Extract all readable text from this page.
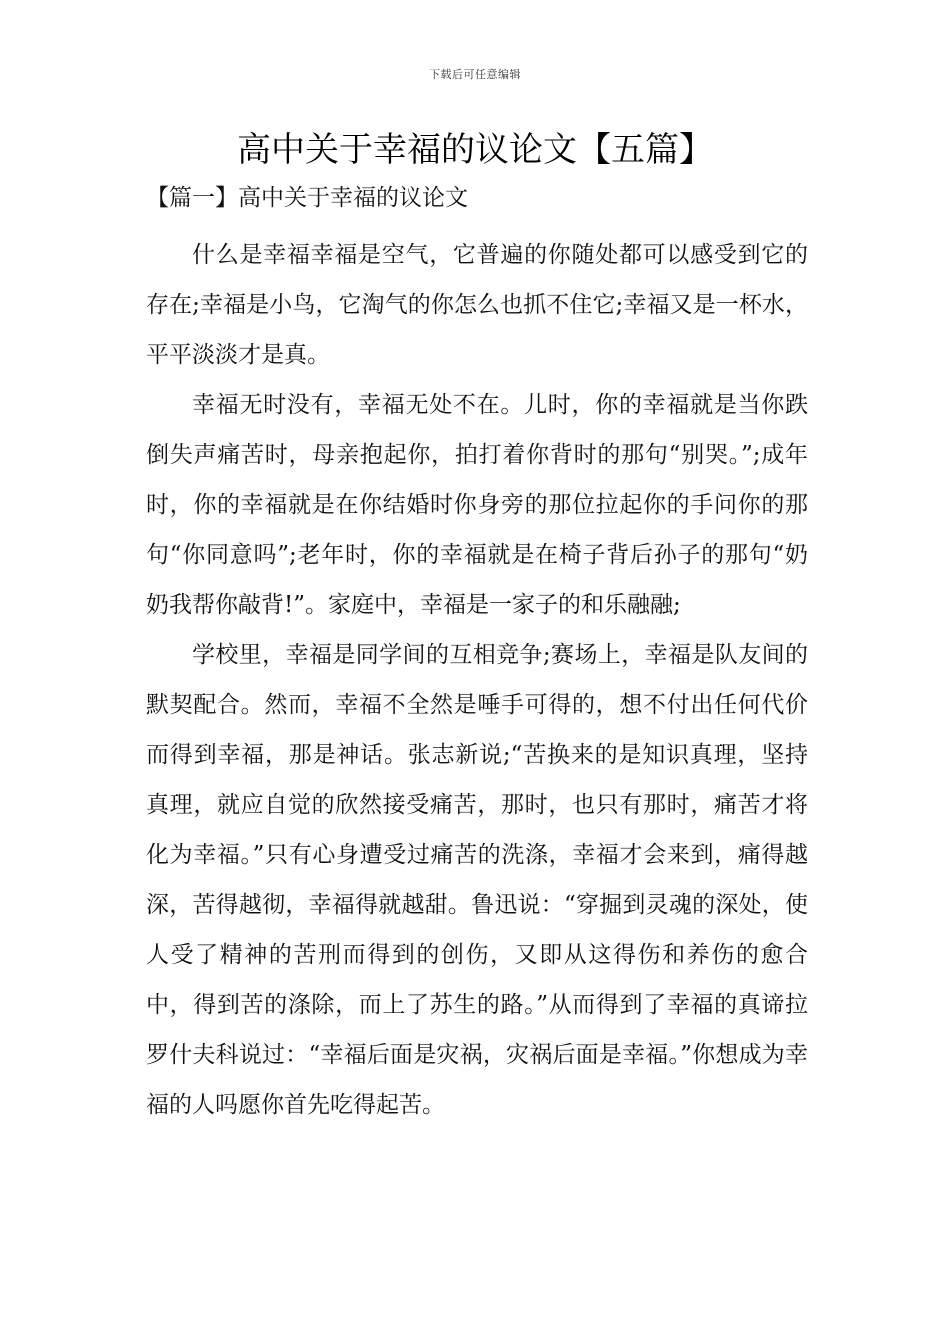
下载后可任意编辑
高中关于幸福的议论文【五篇】
【篇一】高中关于幸福的议论文

什么是幸福幸福是空气，它普遍的你随处都可以感受到它的存在;幸福是小鸟，它淘气的你怎么也抓不住它;幸福又是一杯水，平平淡淡才是真。

幸福无时没有，幸福无处不在。儿时，你的幸福就是当你跌倒失声痛苦时，母亲抱起你，拍打着你背时的那句“别哭。”;成年时，你的幸福就是在你结婚时你身旁的那位拉起你的手问你的那句“你同意吗”;老年时，你的幸福就是在椅子背后孙子的那句“奶奶我帮你敲背!”。家庭中，幸福是一家子的和乐融融;

学校里，幸福是同学间的互相竞争;赛场上，幸福是队友间的默契配合。然而，幸福不全然是唾手可得的，想不付出任何代价而得到幸福，那是神话。张志新说;“苦换来的是知识真理，坚持真理，就应自觉的欣然接受痛苦，那时，也只有那时，痛苦才将化为幸福。”只有心身遭受过痛苦的洗涤，幸福才会来到，痛得越深，苦得越彻，幸福得就越甜。鲁迅说：“穿掘到灵魂的深处，使人受了精神的苦刑而得到的创伤，又即从这得伤和养伤的愈合中，得到苦的涤除，而上了苏生的路。”从而得到了幸福的真谛拉罗什夫科说过：“幸福后面是灾祸，灾祸后面是幸福。”你想成为幸福的人吗愿你首先吃得起苦。
